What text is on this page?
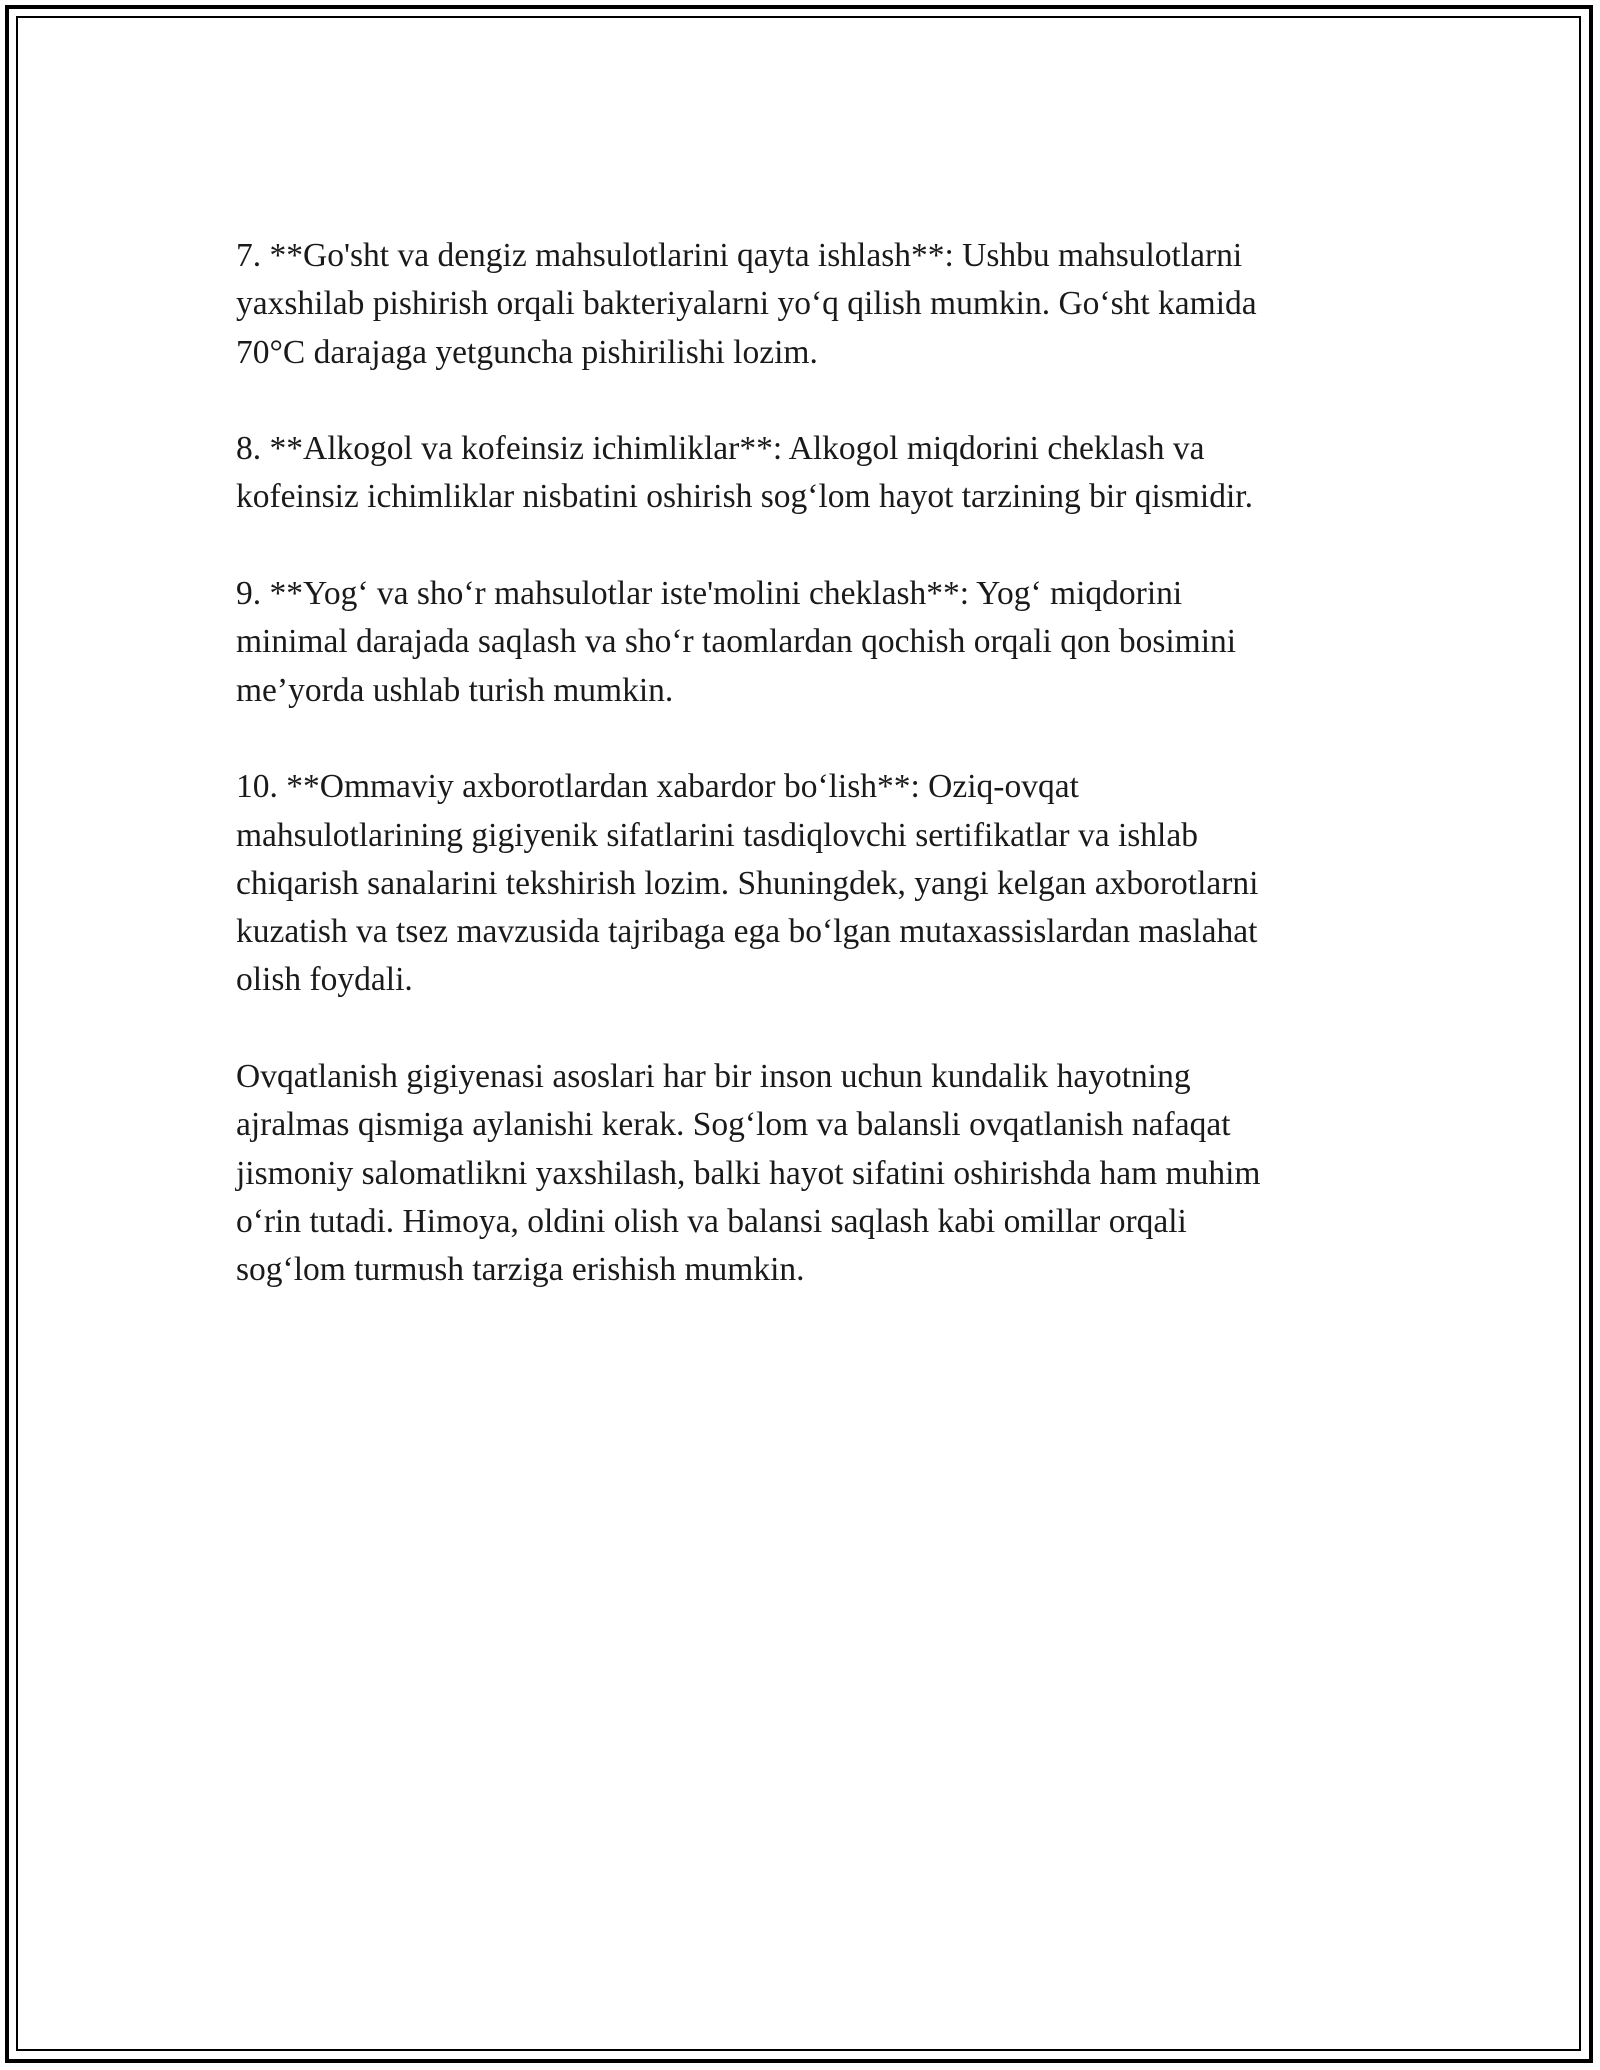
7. **Go'sht va dengiz mahsulotlarini qayta ishlash**: Ushbu mahsulotlarni
yaxshilab pishirish orqali bakteriyalarni yo‘q qilish mumkin. Go‘sht kamida
70°C darajaga yetguncha pishirilishi lozim.

8. **Alkogol va kofeinsiz ichimliklar**: Alkogol miqdorini cheklash va
kofeinsiz ichimliklar nisbatini oshirish sog‘lom hayot tarzining bir qismidir.

9. **Yog‘ va sho‘r mahsulotlar iste'molini cheklash**: Yog‘ miqdorini
minimal darajada saqlash va sho‘r taomlardan qochish orqali qon bosimini
me’yorda ushlab turish mumkin.

10. **Ommaviy axborotlardan xabardor bo‘lish**: Oziq-ovqat
mahsulotlarining gigiyenik sifatlarini tasdiqlovchi sertifikatlar va ishlab
chiqarish sanalarini tekshirish lozim. Shuningdek, yangi kelgan axborotlarni
kuzatish va tsez mavzusida tajribaga ega bo‘lgan mutaxassislardan maslahat
olish foydali.

Ovqatlanish gigiyenasi asoslari har bir inson uchun kundalik hayotning
ajralmas qismiga aylanishi kerak. Sog‘lom va balansli ovqatlanish nafaqat
jismoniy salomatlikni yaxshilash, balki hayot sifatini oshirishda ham muhim
o‘rin tutadi. Himoya, oldini olish va balansi saqlash kabi omillar orqali
sog‘lom turmush tarziga erishish mumkin.
